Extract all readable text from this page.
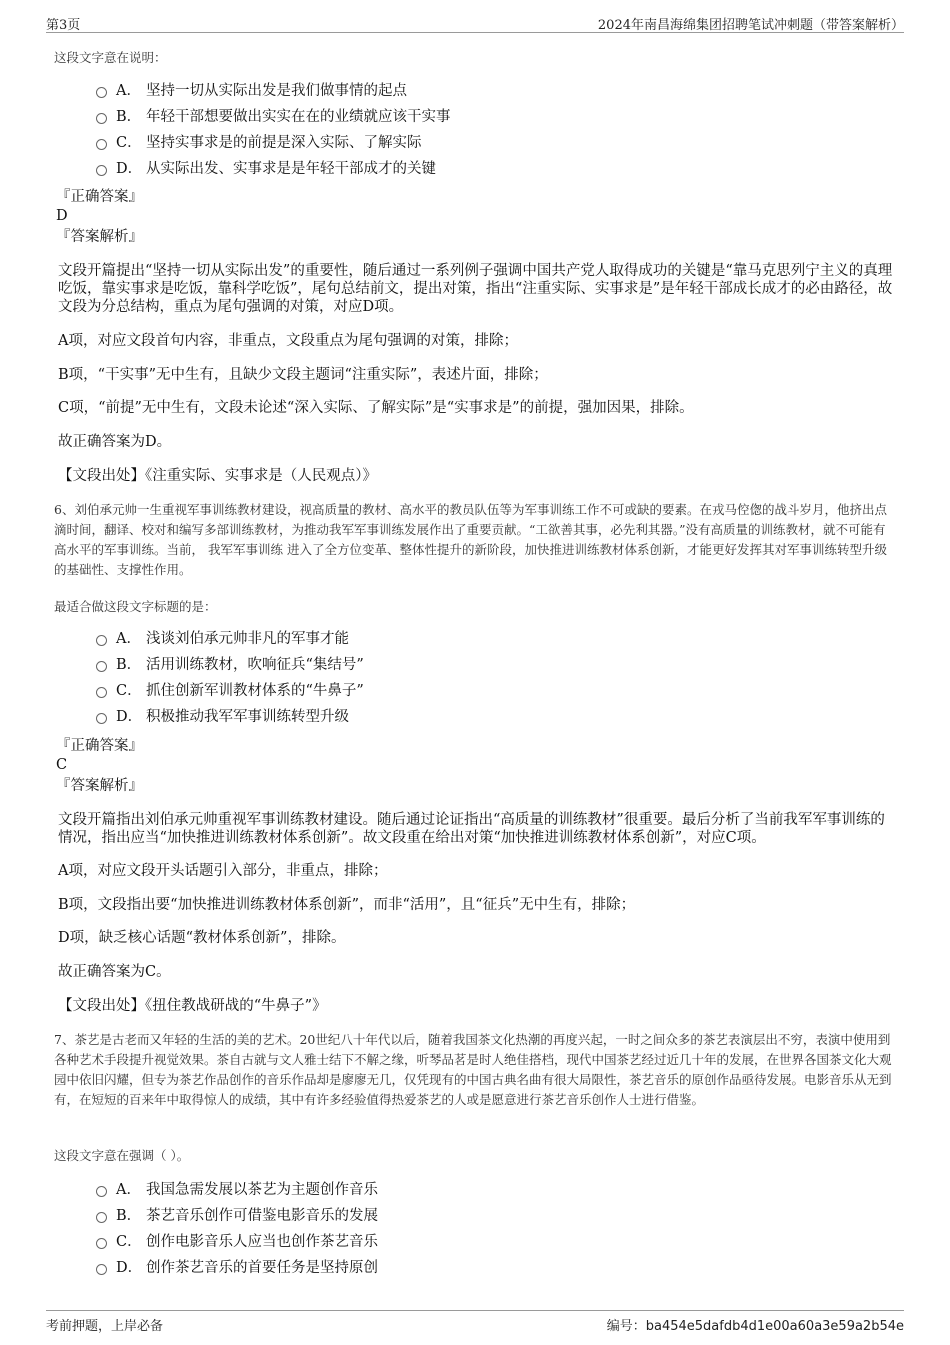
第3页	2024年南昌海绵集团招聘笔试冲刺题（带答案解析）
这段文字意在说明：
A． 坚持一切从实际出发是我们做事情的起点
B． 年轻干部想要做出实实在在的业绩就应该干实事
C． 坚持实事求是的前提是深入实际、了解实际
D． 从实际出发、实事求是是年轻干部成才的关键
『正确答案』
D
『答案解析』
文段开篇提出“坚持一切从实际出发”的重要性，随后通过一系列例子强调中国共产党人取得成功的关键是“靠马克思列宁主义的真理吃饭，靠实事求是吃饭，靠科学吃饭”，尾句总结前文，提出对策，指出“注重实际、实事求是”是年轻干部成长成才的必由路径，故文段为分总结构，重点为尾句强调的对策，对应D项。
A项，对应文段首句内容，非重点，文段重点为尾句强调的对策，排除；
B项，“干实事”无中生有，且缺少文段主题词“注重实际”，表述片面，排除；
C项，“前提”无中生有，文段未论述“深入实际、了解实际”是“实事求是”的前提，强加因果，排除。
故正确答案为D。
【文段出处】《注重实际、实事求是（人民观点）》
6、刘伯承元帅一生重视军事训练教材建设，视高质量的教材、高水平的教员队伍等为军事训练工作不可或缺的要素。在戎马倥偬的战斗岁月，他挤出点滴时间，翻译、校对和编写多部训练教材，为推动我军军事训练发展作出了重要贡献。“工欲善其事，必先利其器。”没有高质量的训练教材，就不可能有高水平的军事训练。当前， 我军军事训练 进入了全方位变革、整体性提升的新阶段，加快推进训练教材体系创新，才能更好发挥其对军事训练转型升级的基础性、支撑性作用。
最适合做这段文字标题的是：
A． 浅谈刘伯承元帅非凡的军事才能
B． 活用训练教材，吹响征兵“集结号”
C． 抓住创新军训教材体系的“牛鼻子”
D． 积极推动我军军事训练转型升级
『正确答案』
C
『答案解析』
文段开篇指出刘伯承元帅重视军事训练教材建设。随后通过论证指出“高质量的训练教材”很重要。最后分析了当前我军军事训练的情况，指出应当“加快推进训练教材体系创新”。故文段重在给出对策“加快推进训练教材体系创新”，对应C项。
A项，对应文段开头话题引入部分，非重点，排除；
B项，文段指出要“加快推进训练教材体系创新”，而非“活用”，且“征兵”无中生有，排除；
D项，缺乏核心话题“教材体系创新”，排除。
故正确答案为C。
【文段出处】《扭住教战研战的“牛鼻子”》
7、茶艺是古老而又年轻的生活的美的艺术。20世纪八十年代以后，随着我国茶文化热潮的再度兴起，一时之间众多的茶艺表演层出不穷，表演中使用到各种艺术手段提升视觉效果。茶自古就与文人雅士结下不解之缘，听琴品茗是时人绝佳搭档，现代中国茶艺经过近几十年的发展，在世界各国茶文化大观园中依旧闪耀，但专为茶艺作品创作的音乐作品却是廖廖无几，仅凭现有的中国古典名曲有很大局限性，茶艺音乐的原创作品亟待发展。电影音乐从无到有，在短短的百来年中取得惊人的成绩，其中有许多经验值得热爱茶艺的人或是愿意进行茶艺音乐创作人士进行借鉴。
这段文字意在强调（ ）。
A． 我国急需发展以茶艺为主题创作音乐
B． 茶艺音乐创作可借鉴电影音乐的发展
C． 创作电影音乐人应当也创作茶艺音乐
D． 创作茶艺音乐的首要任务是坚持原创
考前押题，上岸必备	编号：ba454e5dafdb4d1e00a60a3e59a2b54e
